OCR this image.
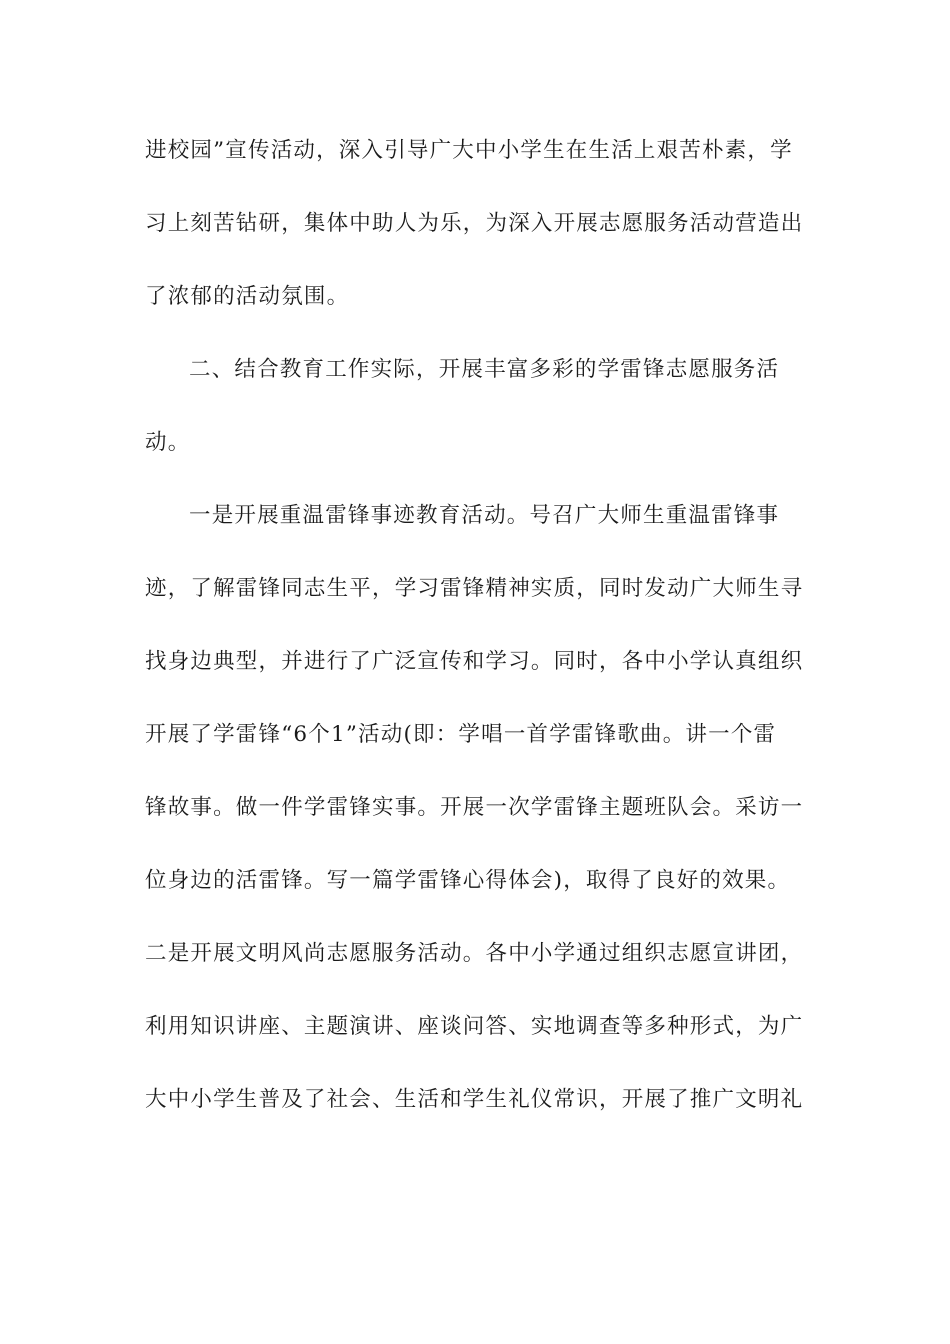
进校园”宣传活动，深入引导广大中小学生在生活上艰苦朴素，学
习上刻苦钻研，集体中助人为乐，为深入开展志愿服务活动营造出
了浓郁的活动氛围。
二、结合教育工作实际，开展丰富多彩的学雷锋志愿服务活
动。
一是开展重温雷锋事迹教育活动。号召广大师生重温雷锋事
迹，了解雷锋同志生平，学习雷锋精神实质，同时发动广大师生寻
找身边典型，并进行了广泛宣传和学习。同时，各中小学认真组织
开展了学雷锋“6个1”活动(即：学唱一首学雷锋歌曲。讲一个雷
锋故事。做一件学雷锋实事。开展一次学雷锋主题班队会。采访一
位身边的活雷锋。写一篇学雷锋心得体会)，取得了良好的效果。
二是开展文明风尚志愿服务活动。各中小学通过组织志愿宣讲团，
利用知识讲座、主题演讲、座谈问答、实地调查等多种形式，为广
大中小学生普及了社会、生活和学生礼仪常识，开展了推广文明礼
